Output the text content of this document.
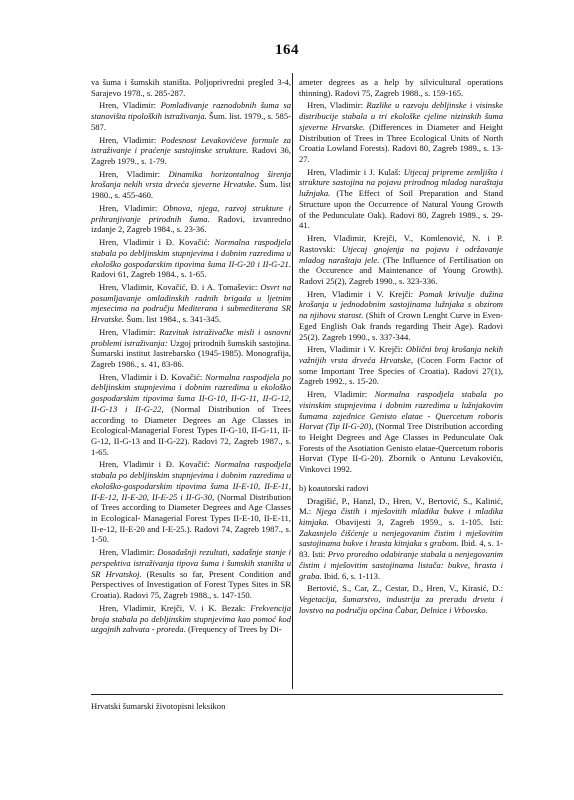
164

va šuma i šumskih staništa. Poljoprivredni pregled 3-4, Sarajevo 1978., s. 285-287.

Hren, Vladimir: Pomlađivanje raznodobnih šuma sa stanovišta tipoloških istraživanja. Šum. list. 1979., s. 585-587.

Hren, Vladimir: Podesnost Levakovićeve formule za istraživanje i praćenje sastojinske strukture. Radovi 36, Zagreb 1979., s. 1-79.

Hren, Vladimir: Dinamika horizontalnog širenja krošanja nekih vrsta drveća sjeverne Hrvatske. Šum. list 1980., s. 455-460.

Hren, Vladimir: Obnova, njega, razvoj strukture i prihranjivanje prirodnih šuma. Radovi, izvanredno izdanje 2, Zagreb 1984., s. 23-36.

Hren, Vladimir i Đ. Kovačić: Normalna raspodjela stabala po debljinskim stupnjevima i dobnim razredima u ekološko gospodarskim tipovima šuma II-G-20 i II-G-21. Radovi 61, Zagreb 1984., s. 1-65.

Hren, Vladimir, Kovačić, Đ. i A. Tomaševic: Osvrt na posumljavanje omladinskih radnih brigada u ljetnim mjesecima na području Mediterana i submediterana SR Hrvatske. Šum. list 1984., s. 341-345.

Hren, Vladimir: Razvitak istraživačke misli i osnovni problemi istraživanja: Uzgoj prirodnih šumskih sastojina. Šumarski institut Jastrebarsko (1945-1985). Monografija, Zagreb 1986., s. 41, 83-86.

Hren, Vladimir i Đ. Kovačić: Normalna raspodjela po debljinskim stupnjevima i dobnim razredima u ekološko gospodarskim tipovima šuma II-G-10, II-G-11, II-G-12, II-G-13 i II-G-22, (Normal Distribution of Trees according to Diameter Degrees an Age Classes in Ecological-Managerial Forest Types II-G-10, II-G-11, II-G-12, II-G-13 and II-G-22). Radovi 72, Zagreb 1987., s. 1-65.

Hren, Vladimir i Đ. Kovačić: Normalna raspodjela stabala po debljinskim stupnjevima i dobnim razredima u ekološko-gospodarskim tipovima šuma II-E-10, II-E-11, II-E-12, II-E-20, II-E-25 i II-G-30, (Normal Distribution of Trees according to Diameter Degrees and Age Classes in Ecological- Managerial Forest Types II-E-10, II-E-11, II-e-12, II-E-20 and I-E-25.). Radovi 74, Zagreb 1987., s. 1-50.

Hren, Vladimir: Dosadašnji rezultati, sadašnje stanje i perspektiva istraživanja tipova šuma i šumskih staništa u SR Hrvatskoj. (Results so far, Present Condition and Perspectives of Investigation of Forest Types Sites in SR Croatia). Radovi 75, Zagreb 1988., s. 147-150.

Hren, Vladimir, Krejči, V. i K. Bezak: Frekvencija broja stabala po debljinskim stupnjevima kao pomoć kod uzgojnih zahvata - proreda. (Frequency of Trees by Di-

ameter degrees as a help by silvicultural operations thinning). Radovi 75, Zagreb 1988., s. 159-165.

Hren, Vladimir: Razlike u razvoju debljinske i visinske distribucije stabala u tri ekološke cjeline nizinskih šuma sjeverne Hrvatske. (Differences in Diameter and Height Distribution of Trees in Three Ecological Units of North Croatia Lowland Forests). Radovi 80, Zagreb 1989., s. 13-27.

Hren, Vladimir i J. Kulaš: Utjecaj pripreme zemljišta i strukture sastojina na pojavu prirodnog mladog naraštaja lužnjaka. (The Effect of Soil Preparation and Stand Structure upon the Occurrence of Natural Young Growth of the Pedunculate Oak). Radovi 80, Zagreb 1989., s. 29-41.

Hren, Vladimir, Krejči, V., Komlenović, N. i P. Rastovski: Utjecaj gnojenja na pojavu i održavanje mladog naraštaja jele. (The Influence of Fertilisation on the Occurence and Maintenance of Young Growth). Radovi 25(2), Zagreb 1990., s. 323-336.

Hren, Vladimir i V. Krejči: Pomak krivulje dužina krošanja u jednodobnim sastojinama lužnjaka s obzirom na njihovu starost. (Shift of Crown Lenght Curve in Even-Eged English Oak frands regarding Their Age). Radovi 25(2). Zagreb 1990., s. 337-344.

Hren, Vladimir i V. Krejči: Oblični broj krošanja nekih važnijih vrsta drveća Hrvatske, (Cocen Form Factor of some Important Tree Species of Croatia). Radovi 27(1), Zagreb 1992., s. 15-20.

Hren, Vladimir: Normalna raspodjela stabala po visinskim stupnjevima i dobnim razredima u lužnjakovim šumama zajednice Genisto elatae - Quercetum roboris Horvat (Tip II-G-20), (Normal Tree Distribution according to Height Degrees and Age Classes in Pedunculate Oak Forests of the Asotiation Genisto elatae-Quercetum roboris Horvat (Type II-G-20). Zbornik o Antunu Levakoviću, Vinkovci 1992.

b) koautorski radovi

Dragišić, P., Hanzl, D., Hren, V., Bertović, S., Kalinić, M.: Njega čistih i mješovitih mladika bukve i mladika kitnjaka. Obavijesti 3, Zagreb 1959., s. 1-105. Isti: Zakasnjelo čišćenje u nenjegovanim čistim i mješovitim sastojinama bukve i hrasta kitnjaka s grabom. Ibid. 4, s. 1-83. Isti: Prvo proredno odabiranje stabala u nenjegovanim čistim i mješovitim sastojinama listača: bukve, hrasta i graba. Ibid. 6, s. 1-113.

Bertović, S., Car, Z., Cestar, D., Hren, V., Kirasić, D.: Vegetacija, šumarstvo, industrija za preradu drveta i lovstvo na području općina Čabar, Delnice i Vrbovsko.

Hrvatski šumarski životopisni leksikon
